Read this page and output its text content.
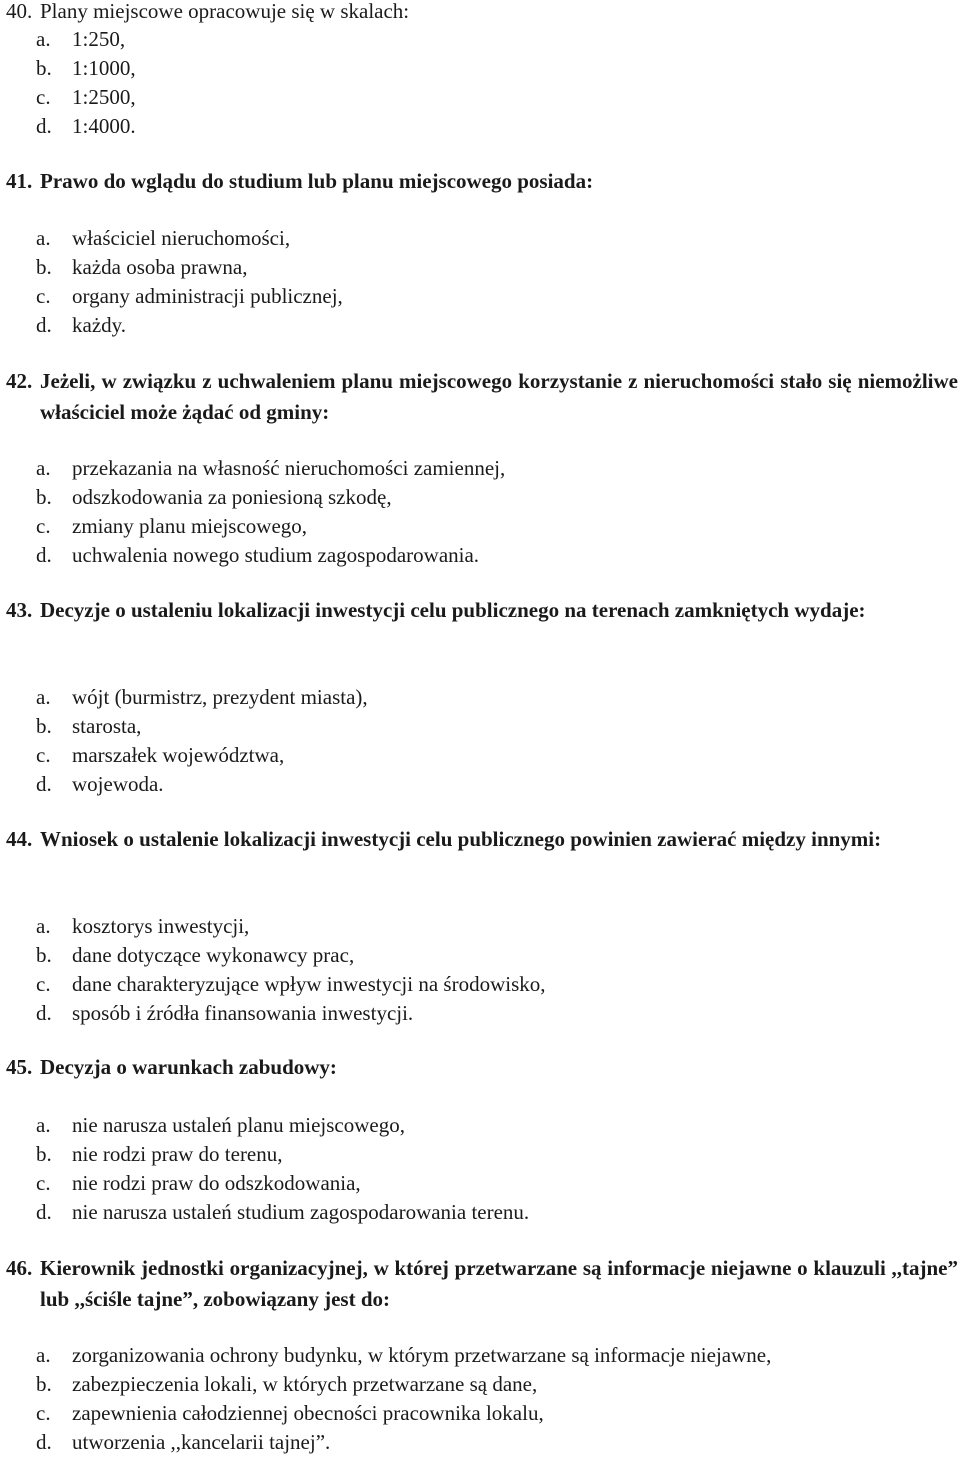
40. Plany miejscowe opracowuje się w skalach:
a. 1:250,
b. 1:1000,
c. 1:2500,
d. 1:4000.
41. Prawo do wglądu do studium lub planu miejscowego posiada:
a. właściciel nieruchomości,
b. każda osoba prawna,
c. organy administracji publicznej,
d. każdy.
42. Jeżeli, w związku z uchwaleniem planu miejscowego korzystanie z nieruchomości stało się niemożliwe właściciel może żądać od gminy:
a. przekazania na własność nieruchomości zamiennej,
b. odszkodowania za poniesioną szkodę,
c. zmiany planu miejscowego,
d. uchwalenia nowego studium zagospodarowania.
43. Decyzje o ustaleniu lokalizacji inwestycji celu publicznego na terenach zamkniętych wydaje:
a. wójt (burmistrz, prezydent miasta),
b. starosta,
c. marszałek województwa,
d. wojewoda.
44. Wniosek o ustalenie lokalizacji inwestycji celu publicznego powinien zawierać między innymi:
a. kosztorys inwestycji,
b. dane dotyczące wykonawcy prac,
c. dane charakteryzujące wpływ inwestycji na środowisko,
d. sposób i źródła finansowania inwestycji.
45. Decyzja o warunkach zabudowy:
a. nie narusza ustaleń planu miejscowego,
b. nie rodzi praw do terenu,
c. nie rodzi praw do odszkodowania,
d. nie narusza ustaleń studium zagospodarowania terenu.
46. Kierownik jednostki organizacyjnej, w której przetwarzane są informacje niejawne o klauzuli ,,tajne” lub ,,ściśle tajne”, zobowiązany jest do:
a. zorganizowania ochrony budynku, w którym przetwarzane są informacje niejawne,
b. zabezpieczenia lokali, w których przetwarzane są dane,
c. zapewnienia całodziennej obecności pracownika lokalu,
d. utworzenia ,,kancelarii tajnej”.
